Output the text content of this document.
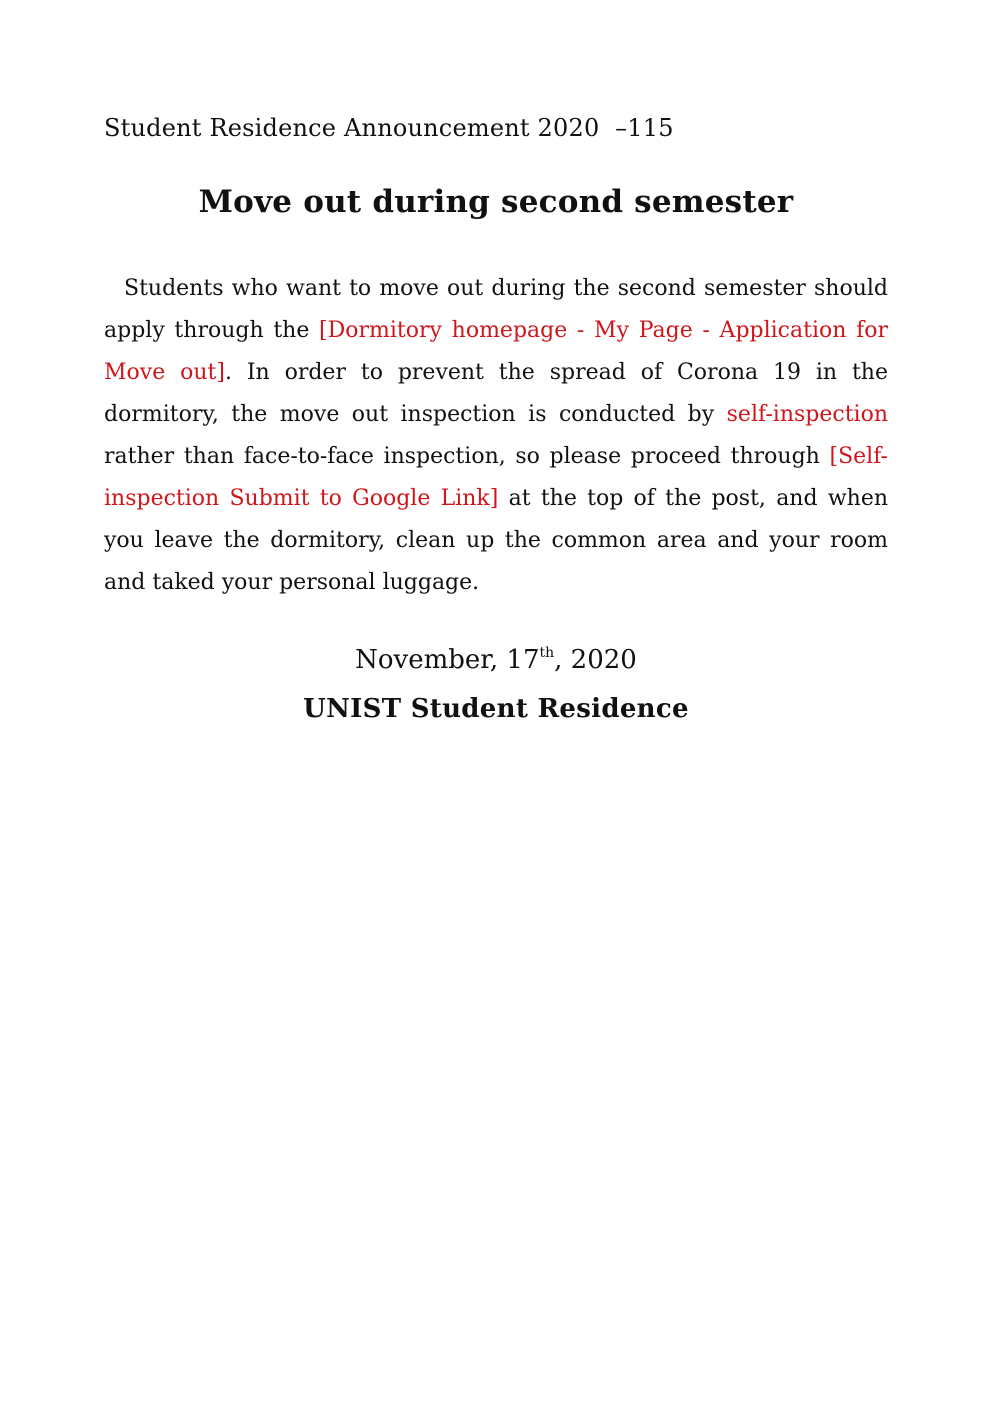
Student Residence Announcement 2020  –115
Move out during second semester
Students who want to move out during the second semester should apply through the [Dormitory homepage - My Page - Application for Move out]. In order to prevent the spread of Corona 19 in the dormitory, the move out inspection is conducted by self-inspection rather than face-to-face inspection, so please proceed through [Self-inspection Submit to Google Link] at the top of the post, and when you leave the dormitory, clean up the common area and your room and taked your personal luggage.
November, 17th, 2020
UNIST Student Residence
